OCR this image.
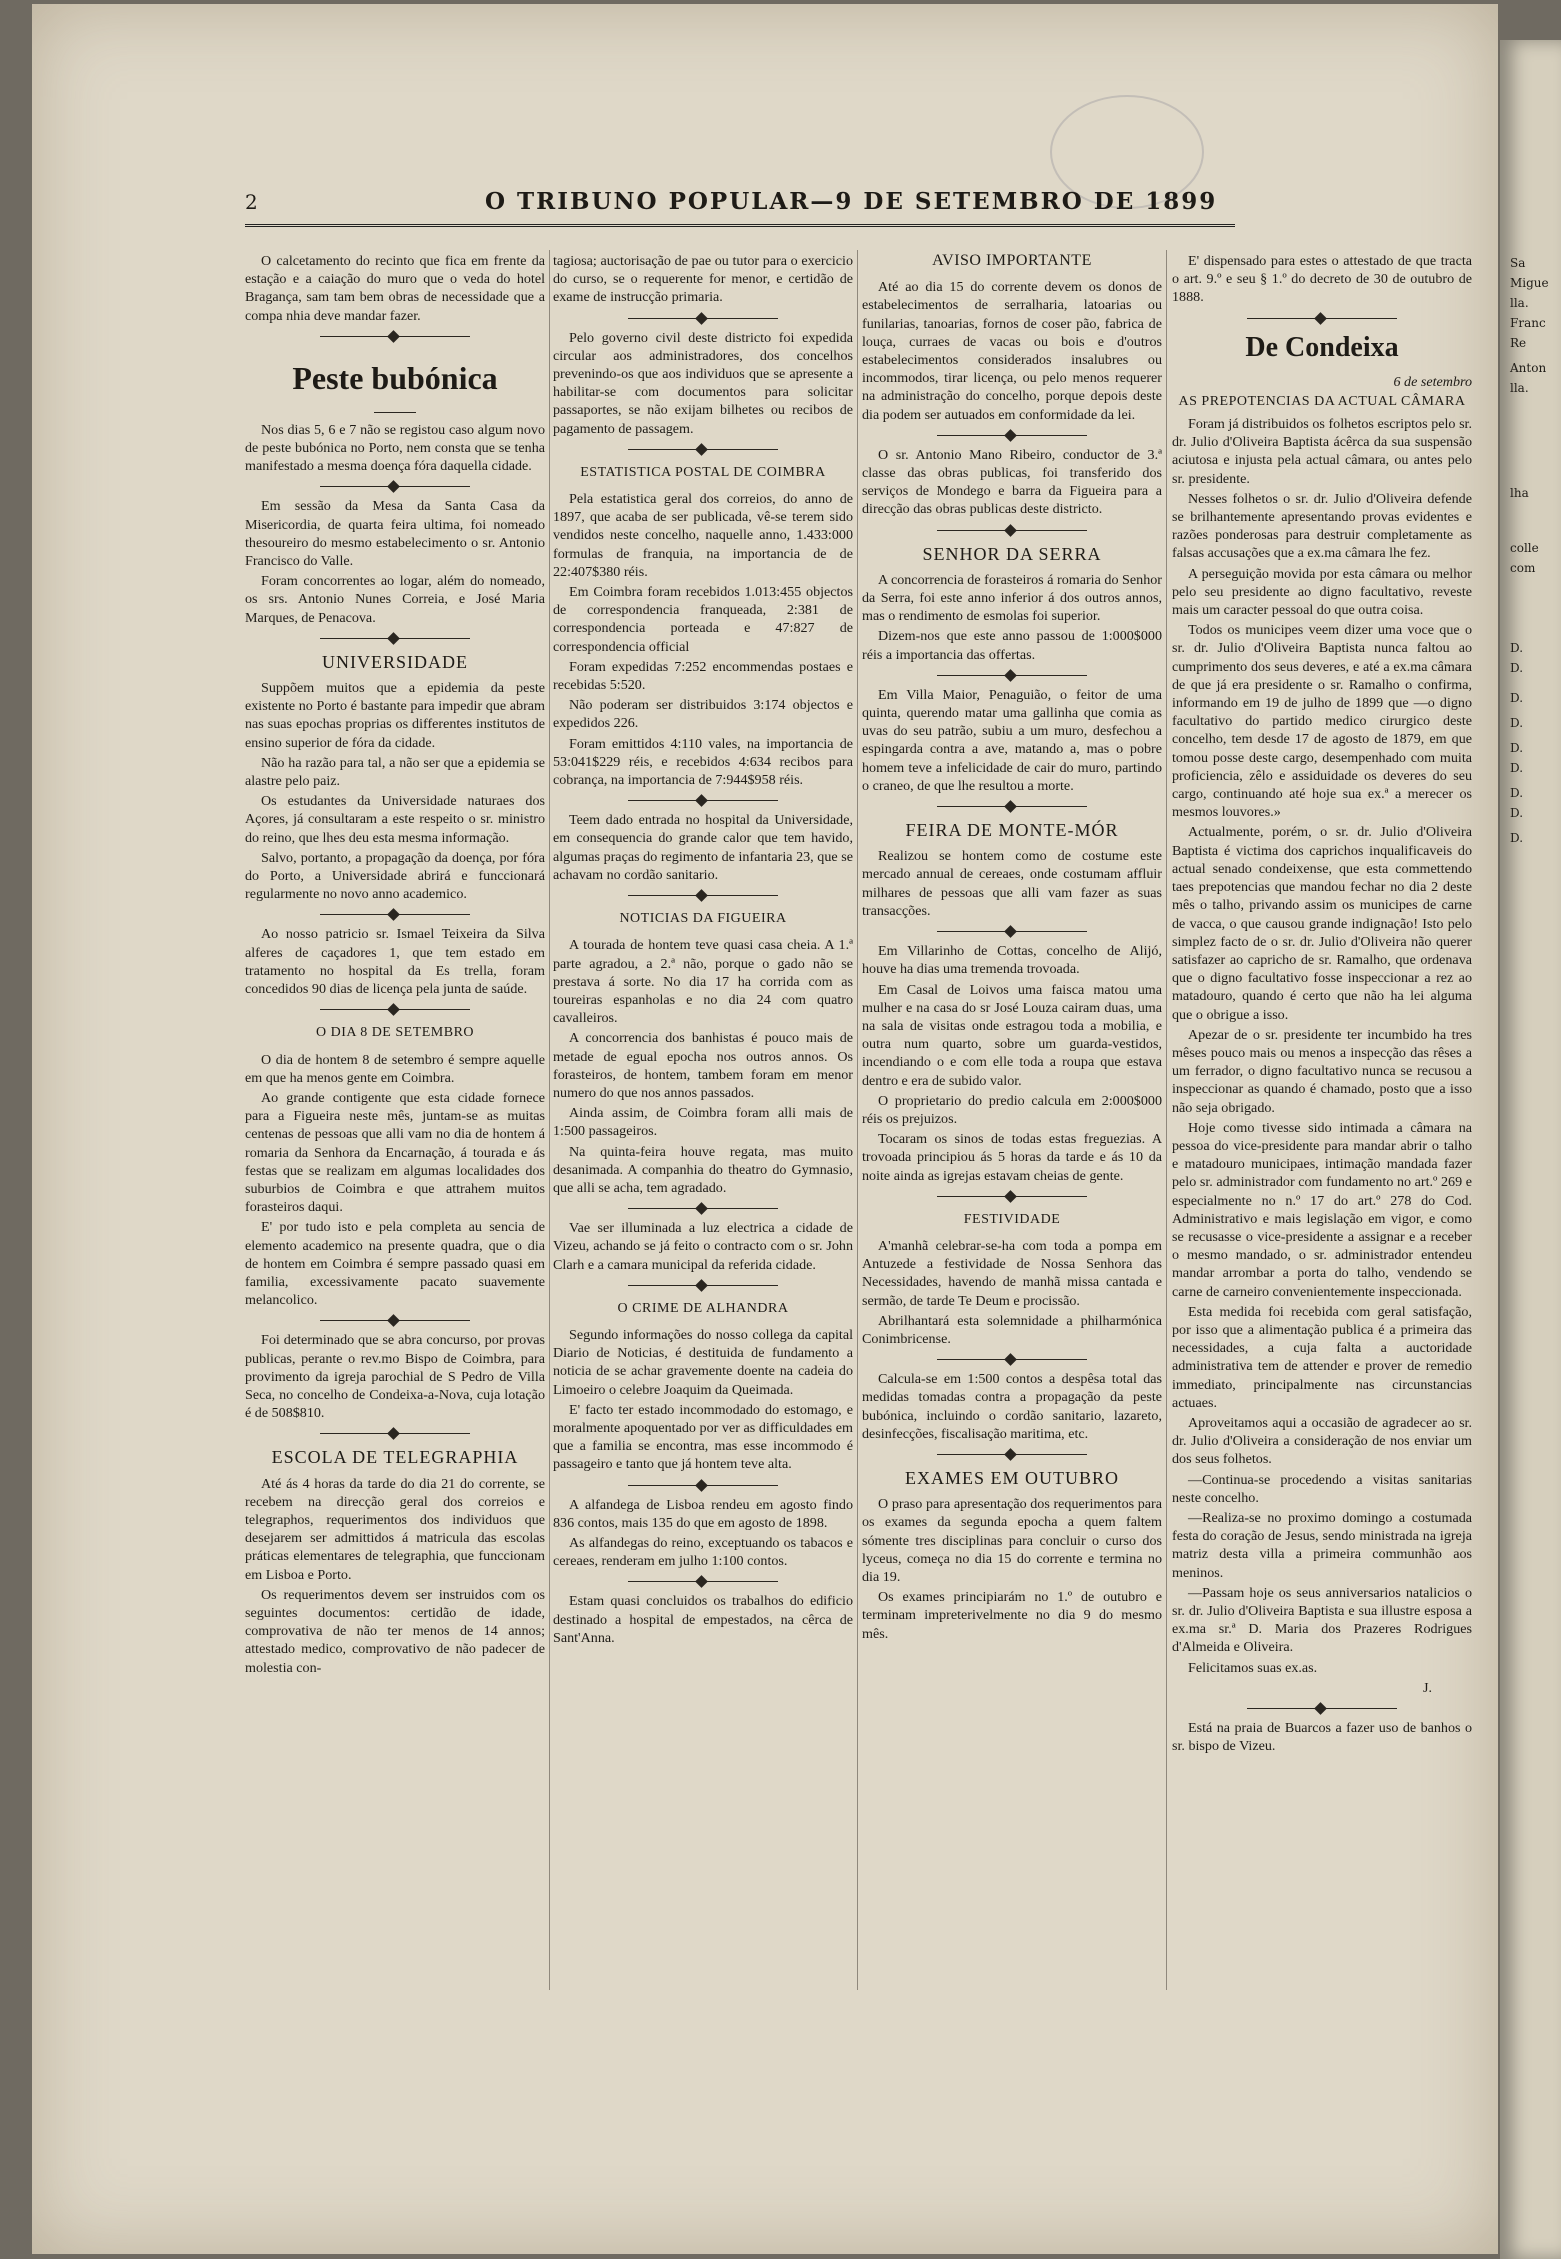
Sa
Migue
lla.
Franc
Re
Anton
lla.
lha
colle
com
D.
D.
D.
D.
D.
D.
D.
D.
D.
2	O TRIBUNO POPULAR—9 DE SETEMBRO DE 1899

O calcetamento do recinto que fica em frente da estação e a caiação do muro que o veda do hotel Bragança, sam tam bem obras de necessidade que a compa nhia deve mandar fazer.

Peste bubónica

Nos dias 5, 6 e 7 não se registou caso algum novo de peste bubónica no Porto, nem consta que se tenha manifestado a mesma doença fóra daquella cidade.

Em sessão da Mesa da Santa Casa da Misericordia, de quarta feira ultima, foi nomeado thesoureiro do mesmo estabelecimento o sr. Antonio Francisco do Valle.

Foram concorrentes ao logar, além do nomeado, os srs. Antonio Nunes Correia, e José Maria Marques, de Penacova.

UNIVERSIDADE

Suppõem muitos que a epidemia da peste existente no Porto é bastante para impedir que abram nas suas epochas proprias os differentes institutos de ensino superior de fóra da cidade.

Não ha razão para tal, a não ser que a epidemia se alastre pelo paiz.

Os estudantes da Universidade naturaes dos Açores, já consultaram a este respeito o sr. ministro do reino, que lhes deu esta mesma informação.

Salvo, portanto, a propagação da doença, por fóra do Porto, a Universidade abrirá e funccionará regularmente no novo anno academico.

Ao nosso patricio sr. Ismael Teixeira da Silva alferes de caçadores 1, que tem estado em tratamento no hospital da Es trella, foram concedidos 90 dias de licença pela junta de saúde.

O DIA 8 DE SETEMBRO

O dia de hontem 8 de setembro é sempre aquelle em que ha menos gente em Coimbra.

Ao grande contigente que esta cidade fornece para a Figueira neste mês, juntam-se as muitas centenas de pessoas que alli vam no dia de hontem á romaria da Senhora da Encarnação, á tourada e ás festas que se realizam em algumas localidades dos suburbios de Coimbra e que attrahem muitos forasteiros daqui.

E' por tudo isto e pela completa au sencia de elemento academico na presente quadra, que o dia de hontem em Coimbra é sempre passado quasi em familia, excessivamente pacato suavemente melancolico.

Foi determinado que se abra concurso, por provas publicas, perante o rev.mo Bispo de Coimbra, para provimento da igreja parochial de S Pedro de Villa Seca, no concelho de Condeixa-a-Nova, cuja lotação é de 508$810.

ESCOLA DE TELEGRAPHIA

Até ás 4 horas da tarde do dia 21 do corrente, se recebem na direcção geral dos correios e telegraphos, requerimentos dos individuos que desejarem ser admittidos á matricula das escolas práticas elementares de telegraphia, que funccionam em Lisboa e Porto.

Os requerimentos devem ser instruidos com os seguintes documentos: certidão de idade, comprovativa de não ter menos de 14 annos; attestado medico, comprovativo de não padecer de molestia con-

tagiosa; auctorisação de pae ou tutor para o exercicio do curso, se o requerente for menor, e certidão de exame de instrucção primaria.

Pelo governo civil deste districto foi expedida circular aos administradores, dos concelhos prevenindo-os que aos individuos que se apresente a habilitar-se com documentos para solicitar passaportes, se não exijam bilhetes ou recibos de pagamento de passagem.

ESTATISTICA POSTAL DE COIMBRA

Pela estatistica geral dos correios, do anno de 1897, que acaba de ser publicada, vê-se terem sido vendidos neste concelho, naquelle anno, 1.433:000 formulas de franquia, na importancia de de 22:407$380 réis.

Em Coimbra foram recebidos 1.013:455 objectos de correspondencia franqueada, 2:381 de correspondencia porteada e 47:827 de correspondencia official

Foram expedidas 7:252 encommendas postaes e recebidas 5:520.

Não poderam ser distribuidos 3:174 objectos e expedidos 226.

Foram emittidos 4:110 vales, na importancia de 53:041$229 réis, e recebidos 4:634 recibos para cobrança, na importancia de 7:944$958 réis.

Teem dado entrada no hospital da Universidade, em consequencia do grande calor que tem havido, algumas praças do regimento de infantaria 23, que se achavam no cordão sanitario.

NOTICIAS DA FIGUEIRA

A tourada de hontem teve quasi casa cheia. A 1.ª parte agradou, a 2.ª não, porque o gado não se prestava á sorte. No dia 17 ha corrida com as toureiras espanholas e no dia 24 com quatro cavalleiros.

A concorrencia dos banhistas é pouco mais de metade de egual epocha nos outros annos. Os forasteiros, de hontem, tambem foram em menor numero do que nos annos passados.

Ainda assim, de Coimbra foram alli mais de 1:500 passageiros.

Na quinta-feira houve regata, mas muito desanimada. A companhia do theatro do Gymnasio, que alli se acha, tem agradado.

Vae ser illuminada a luz electrica a cidade de Vizeu, achando se já feito o contracto com o sr. John Clarh e a camara municipal da referida cidade.

O CRIME DE ALHANDRA

Segundo informações do nosso collega da capital Diario de Noticias, é destituida de fundamento a noticia de se achar gravemente doente na cadeia do Limoeiro o celebre Joaquim da Queimada.

E' facto ter estado incommodado do estomago, e moralmente apoquentado por ver as difficuldades em que a familia se encontra, mas esse incommodo é passageiro e tanto que já hontem teve alta.

A alfandega de Lisboa rendeu em agosto findo 836 contos, mais 135 do que em agosto de 1898.

As alfandegas do reino, exceptuando os tabacos e cereaes, renderam em julho 1:100 contos.

Estam quasi concluidos os trabalhos do edificio destinado a hospital de empestados, na cêrca de Sant'Anna.

AVISO IMPORTANTE

Até ao dia 15 do corrente devem os donos de estabelecimentos de serralharia, latoarias ou funilarias, tanoarias, fornos de coser pão, fabrica de louça, curraes de vacas ou bois e d'outros estabelecimentos considerados insalubres ou incommodos, tirar licença, ou pelo menos requerer na administração do concelho, porque depois deste dia podem ser autuados em conformidade da lei.

O sr. Antonio Mano Ribeiro, conductor de 3.ª classe das obras publicas, foi transferido dos serviços de Mondego e barra da Figueira para a direcção das obras publicas deste districto.

SENHOR DA SERRA

A concorrencia de forasteiros á romaria do Senhor da Serra, foi este anno inferior á dos outros annos, mas o rendimento de esmolas foi superior.

Dizem-nos que este anno passou de 1:000$000 réis a importancia das offertas.

Em Villa Maior, Penaguião, o feitor de uma quinta, querendo matar uma gallinha que comia as uvas do seu patrão, subiu a um muro, desfechou a espingarda contra a ave, matando a, mas o pobre homem teve a infelicidade de cair do muro, partindo o craneo, de que lhe resultou a morte.

FEIRA DE MONTE-MÓR

Realizou se hontem como de costume este mercado annual de cereaes, onde costumam affluir milhares de pessoas que alli vam fazer as suas transacções.

Em Villarinho de Cottas, concelho de Alijó, houve ha dias uma tremenda trovoada.

Em Casal de Loivos uma faisca matou uma mulher e na casa do sr José Louza cairam duas, uma na sala de visitas onde estragou toda a mobilia, e outra num quarto, sobre um guarda-vestidos, incendiando o e com elle toda a roupa que estava dentro e era de subido valor.

O proprietario do predio calcula em 2:000$000 réis os prejuizos.

Tocaram os sinos de todas estas freguezias. A trovoada principiou ás 5 horas da tarde e ás 10 da noite ainda as igrejas estavam cheias de gente.

FESTIVIDADE

A'manhã celebrar-se-ha com toda a pompa em Antuzede a festividade de Nossa Senhora das Necessidades, havendo de manhã missa cantada e sermão, de tarde Te Deum e procissão.

Abrilhantará esta solemnidade a philharmónica Conimbricense.

Calcula-se em 1:500 contos a despêsa total das medidas tomadas contra a propagação da peste bubónica, incluindo o cordão sanitario, lazareto, desinfecções, fiscalisação maritima, etc.

EXAMES EM OUTUBRO

O praso para apresentação dos requerimentos para os exames da segunda epocha a quem faltem sómente tres disciplinas para concluir o curso dos lyceus, começa no dia 15 do corrente e termina no dia 19.

Os exames principiarám no 1.º de outubro e terminam impreterivelmente no dia 9 do mesmo mês.

E' dispensado para estes o attestado de que tracta o art. 9.º e seu § 1.º do decreto de 30 de outubro de 1888.

De Condeixa

6 de setembro

AS PREPOTENCIAS DA ACTUAL CÂMARA

Foram já distribuidos os folhetos escriptos pelo sr. dr. Julio d'Oliveira Baptista ácêrca da sua suspensão aciutosa e injusta pela actual câmara, ou antes pelo sr. presidente.

Nesses folhetos o sr. dr. Julio d'Oliveira defende se brilhantemente apresentando provas evidentes e razões ponderosas para destruir completamente as falsas accusações que a ex.ma câmara lhe fez.

A perseguição movida por esta câmara ou melhor pelo seu presidente ao digno facultativo, reveste mais um caracter pessoal do que outra coisa.

Todos os municipes veem dizer uma voce que o sr. dr. Julio d'Oliveira Baptista nunca faltou ao cumprimento dos seus deveres, e até a ex.ma câmara de que já era presidente o sr. Ramalho o confirma, informando em 19 de julho de 1899 que —o digno facultativo do partido medico cirurgico deste concelho, tem desde 17 de agosto de 1879, em que tomou posse deste cargo, desempenhado com muita proficiencia, zêlo e assiduidade os deveres do seu cargo, continuando até hoje sua ex.ª a merecer os mesmos louvores.»

Actualmente, porém, o sr. dr. Julio d'Oliveira Baptista é victima dos caprichos inqualificaveis do actual senado condeixense, que esta commettendo taes prepotencias que mandou fechar no dia 2 deste mês o talho, privando assim os municipes de carne de vacca, o que causou grande indignação! Isto pelo simplez facto de o sr. dr. Julio d'Oliveira não querer satisfazer ao capricho de sr. Ramalho, que ordenava que o digno facultativo fosse inspeccionar a rez ao matadouro, quando é certo que não ha lei alguma que o obrigue a isso.

Apezar de o sr. presidente ter incumbido ha tres mêses pouco mais ou menos a inspecção das rêses a um ferrador, o digno facultativo nunca se recusou a inspeccionar as quando é chamado, posto que a isso não seja obrigado.

Hoje como tivesse sido intimada a câmara na pessoa do vice-presidente para mandar abrir o talho e matadouro municipaes, intimação mandada fazer pelo sr. administrador com fundamento no art.º 269 e especialmente no n.º 17 do art.º 278 do Cod. Administrativo e mais legislação em vigor, e como se recusasse o vice-presidente a assignar e a receber o mesmo mandado, o sr. administrador entendeu mandar arrombar a porta do talho, vendendo se carne de carneiro convenientemente inspeccionada.

Esta medida foi recebida com geral satisfação, por isso que a alimentação publica é a primeira das necessidades, a cuja falta a auctoridade administrativa tem de attender e prover de remedio immediato, principalmente nas circunstancias actuaes.

Aproveitamos aqui a occasião de agradecer ao sr. dr. Julio d'Oliveira a consideração de nos enviar um dos seus folhetos.

—Continua-se procedendo a visitas sanitarias neste concelho.

—Realiza-se no proximo domingo a costumada festa do coração de Jesus, sendo ministrada na igreja matriz desta villa a primeira communhão aos meninos.

—Passam hoje os seus anniversarios natalicios o sr. dr. Julio d'Oliveira Baptista e sua illustre esposa a ex.ma sr.ª D. Maria dos Prazeres Rodrigues d'Almeida e Oliveira.

Felicitamos suas ex.as.

J.

Está na praia de Buarcos a fazer uso de banhos o sr. bispo de Vizeu.
